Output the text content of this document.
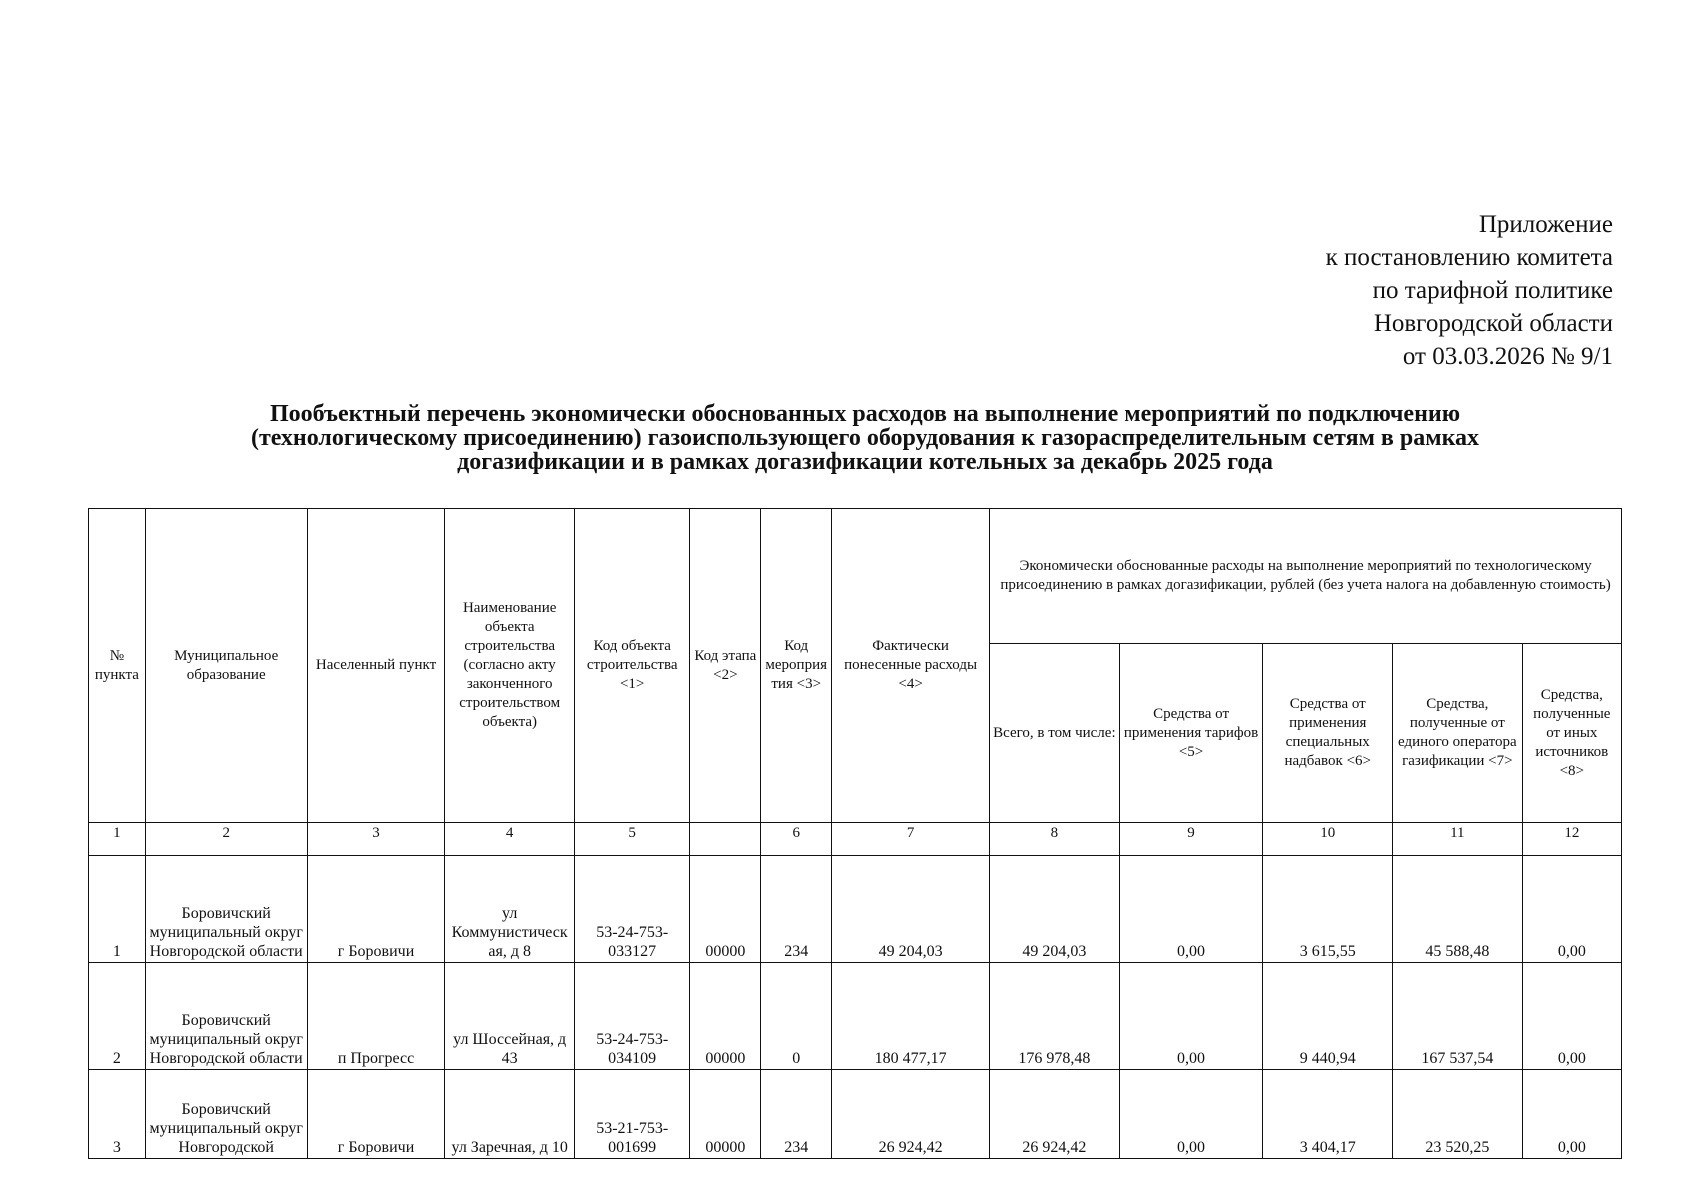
Приложение
к постановлению комитета
по тарифной политике
Новгородской области
от 03.03.2026 № 9/1
Пообъектный перечень экономически обоснованных расходов на выполнение мероприятий по подключению
(технологическому присоединению) газоиспользующего оборудования к газораспределительным сетям в рамках
догазификации и в рамках догазификации котельных за декабрь 2025 года
№ пункта	Муниципальное образование	Населенный пункт	Наименование объекта строительства (согласно акту законченного строительством объекта)	Код объекта строительства <1>	Код этапа <2>	Код мероприятия <3>	Фактически понесенные расходы <4>	Экономически обоснованные расходы на выполнение мероприятий по технологическому присоединению в рамках догазификации, рублей (без учета налога на добавленную стоимость)				
								Всего, в том числе:	Средства от применения тарифов <5>	Средства от применения специальных надбавок <6>	Средства, полученные от единого оператора газификации <7>	Средства, полученные от иных источников <8>
1	2	3	4	5		6	7	8	9	10	11	12
1	Боровичский муниципальный округ Новгородской области	г Боровичи	ул Коммунистическая, д 8	53-24-753-033127	00000	234	49 204,03	49 204,03	0,00	3 615,55	45 588,48	0,00
2	Боровичский муниципальный округ Новгородской области	п Прогресс	ул Шоссейная, д 43	53-24-753-034109	00000	0	180 477,17	176 978,48	0,00	9 440,94	167 537,54	0,00
3	Боровичский муниципальный округ Новгородской	г Боровичи	ул Заречная, д 10	53-21-753-001699	00000	234	26 924,42	26 924,42	0,00	3 404,17	23 520,25	0,00
